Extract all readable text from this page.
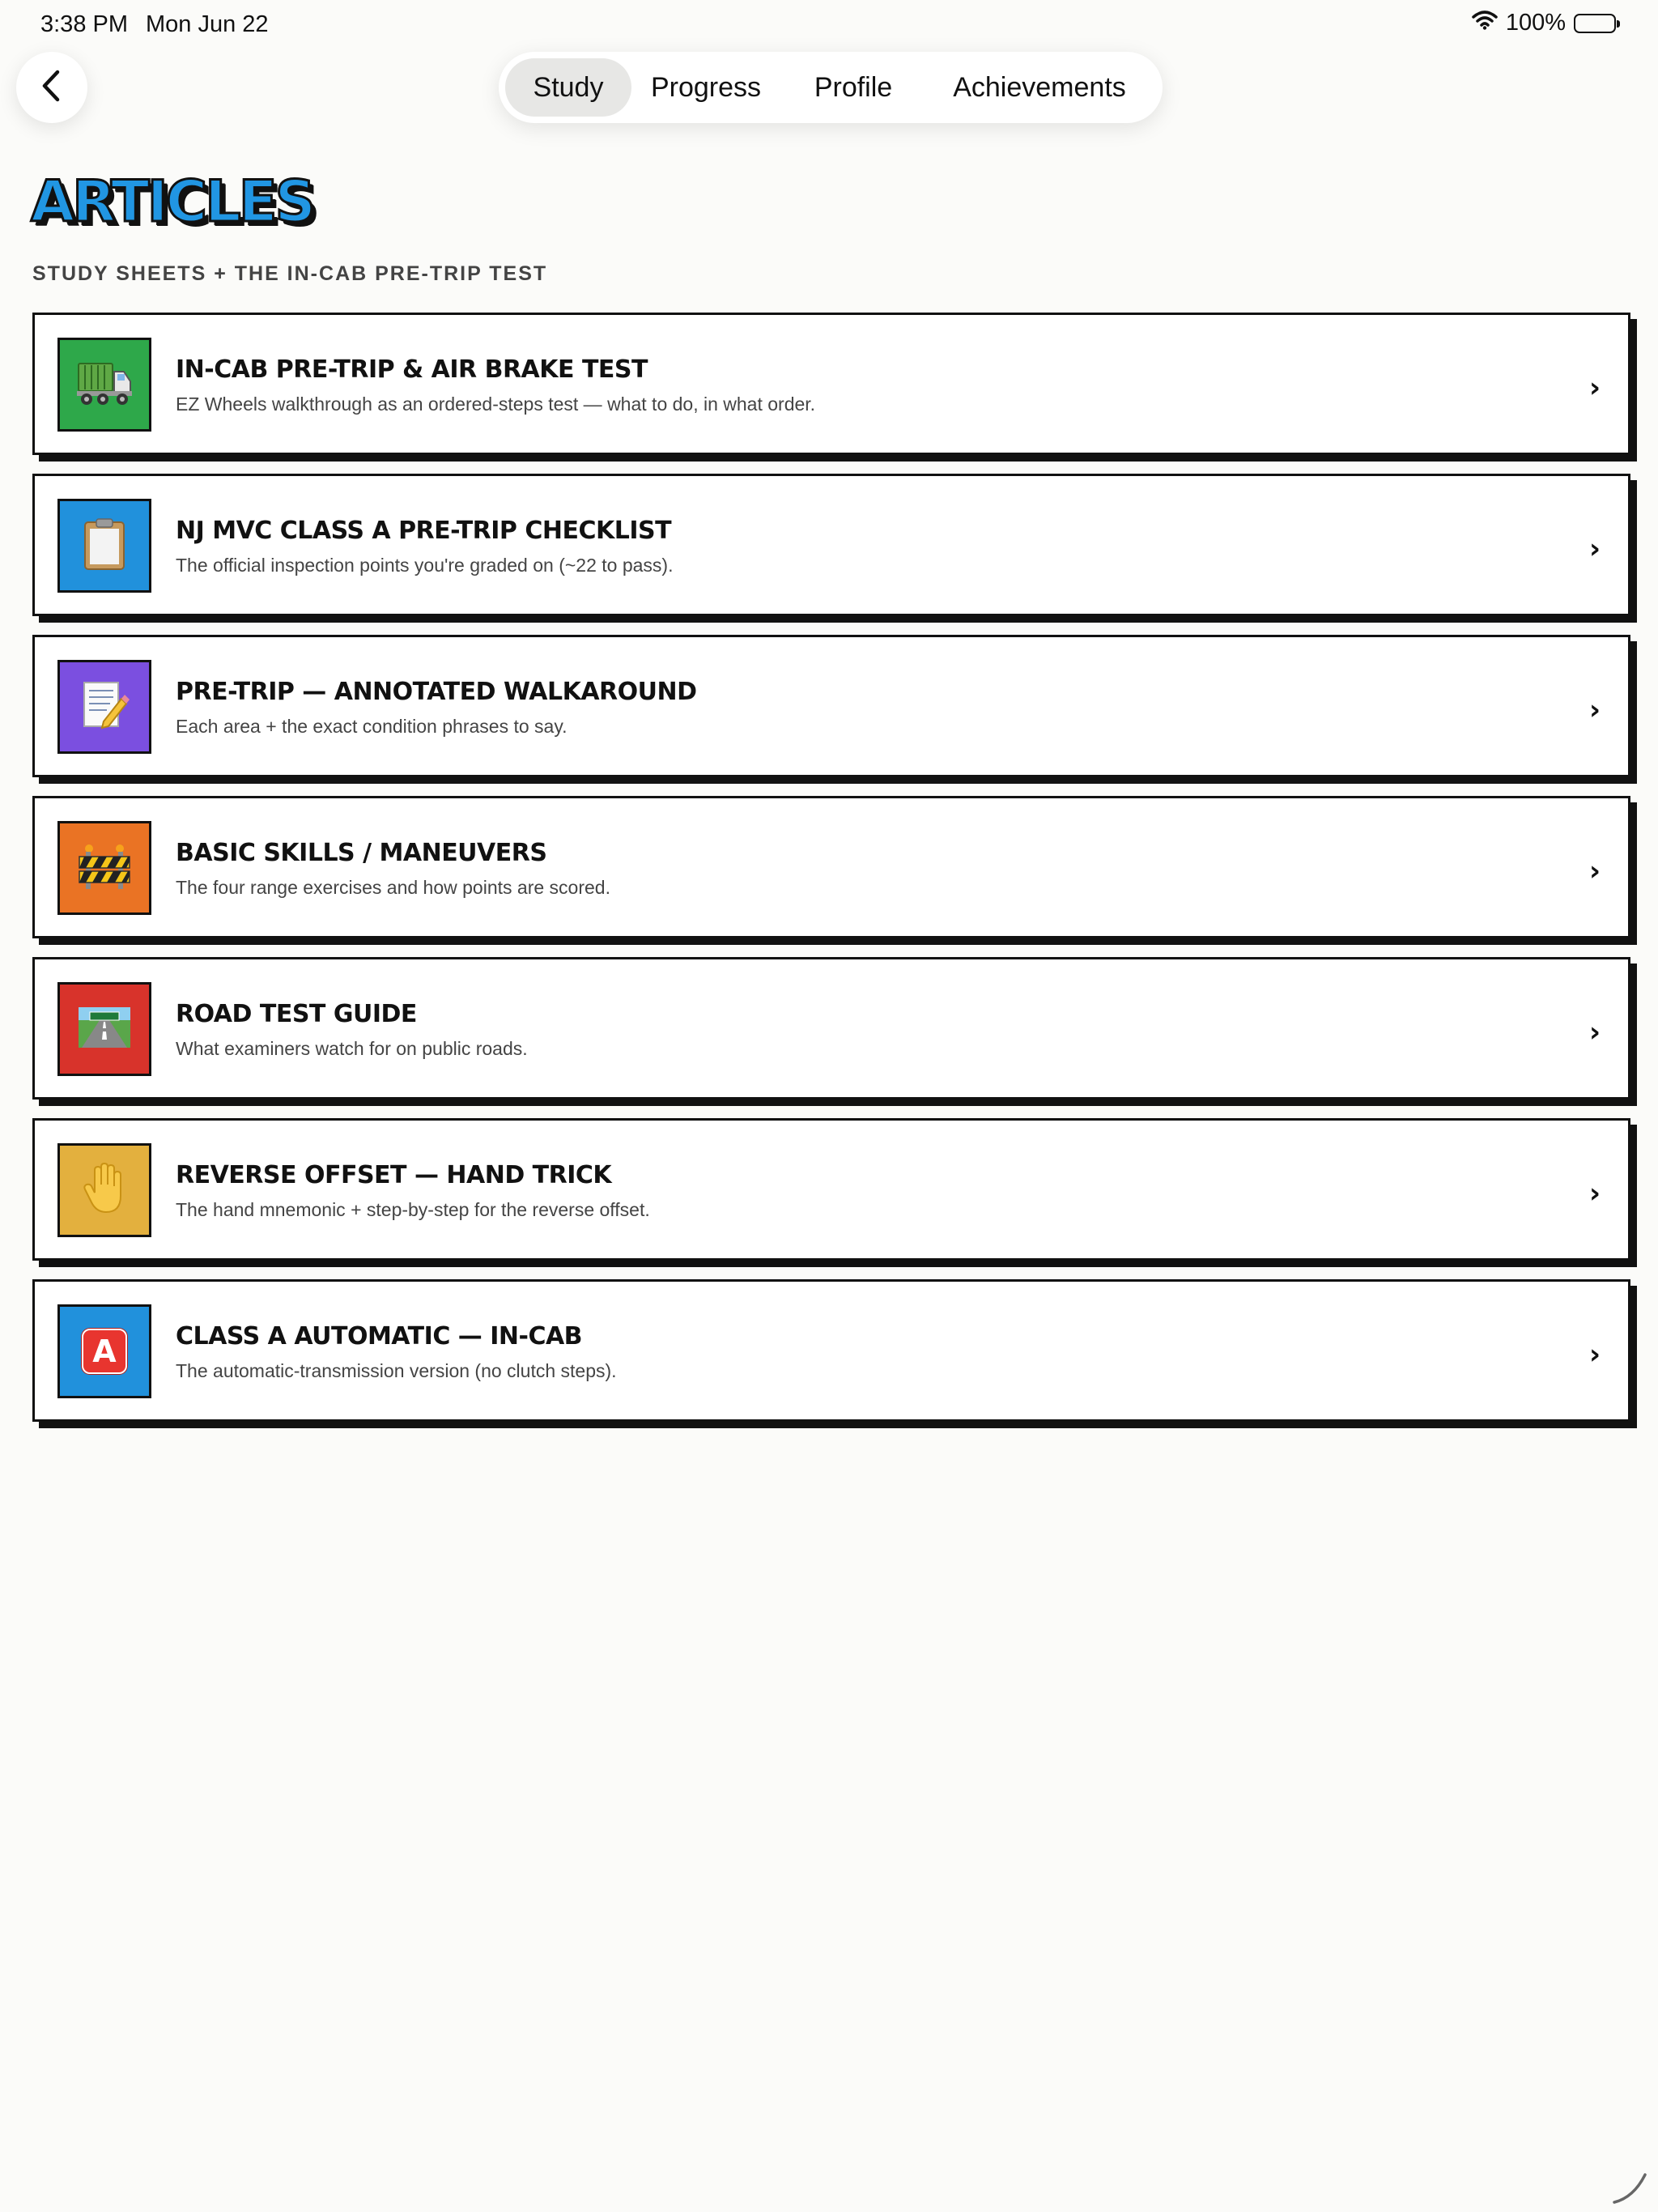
3:38 PM Mon Jun 22	100%
Study	Progress	Profile	Achievements
ARTICLES
STUDY SHEETS + THE IN-CAB PRE-TRIP TEST
IN-CAB PRE-TRIP & AIR BRAKE TEST
EZ Wheels walkthrough as an ordered-steps test — what to do, in what order.	›
NJ MVC CLASS A PRE-TRIP CHECKLIST
The official inspection points you're graded on (~22 to pass).	›
PRE-TRIP — ANNOTATED WALKAROUND
Each area + the exact condition phrases to say.	›
BASIC SKILLS / MANEUVERS
The four range exercises and how points are scored.	›
ROAD TEST GUIDE
What examiners watch for on public roads.	›
REVERSE OFFSET — HAND TRICK
The hand mnemonic + step-by-step for the reverse offset.	›
A CLASS A AUTOMATIC — IN-CAB
The automatic-transmission version (no clutch steps).	›
